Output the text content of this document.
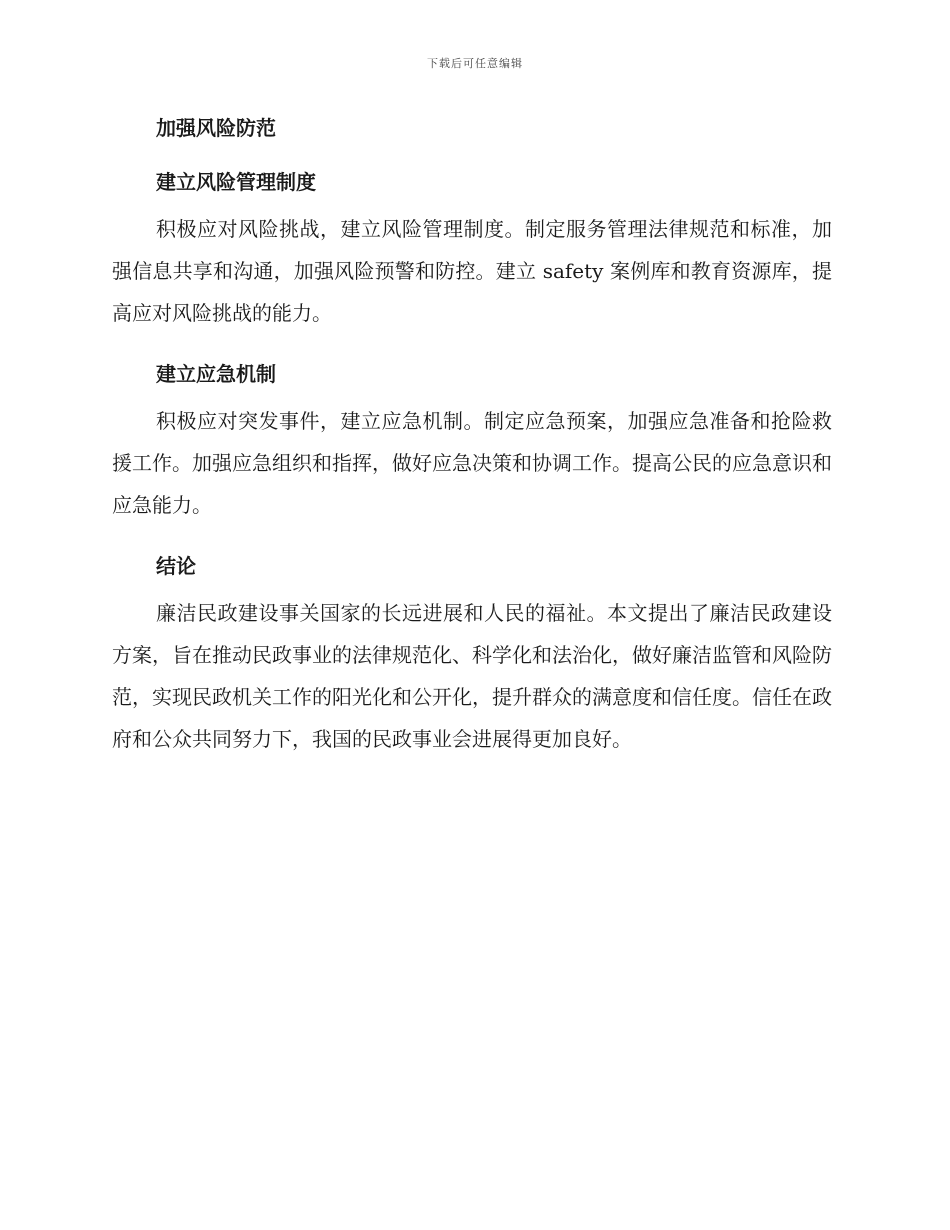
下载后可任意编辑
加强风险防范
建立风险管理制度

积极应对风险挑战，建立风险管理制度。制定服务管理法律规范和标准，加强信息共享和沟通，加强风险预警和防控。建立 safety 案例库和教育资源库，提高应对风险挑战的能力。

建立应急机制

积极应对突发事件，建立应急机制。制定应急预案，加强应急准备和抢险救援工作。加强应急组织和指挥，做好应急决策和协调工作。提高公民的应急意识和应急能力。

结论

廉洁民政建设事关国家的长远进展和人民的福祉。本文提出了廉洁民政建设方案，旨在推动民政事业的法律规范化、科学化和法治化，做好廉洁监管和风险防范，实现民政机关工作的阳光化和公开化，提升群众的满意度和信任度。信任在政府和公众共同努力下，我国的民政事业会进展得更加良好。
